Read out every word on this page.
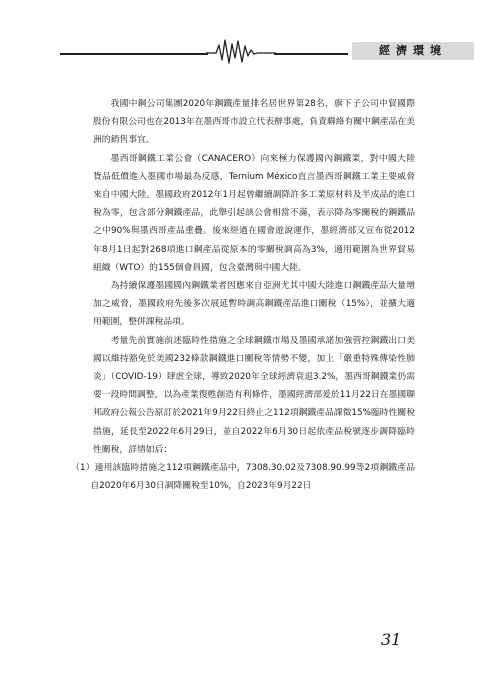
經濟環境

我國中鋼公司集團2020年鋼鐵產量排名居世界第28名，旗下子公司中貿國際股份有限公司也在2013年在墨西哥市設立代表辦事處，負責聯絡有關中鋼產品在美洲的銷售事宜。

墨西哥鋼鐵工業公會（CANACERO）向來極力保護國內鋼鐵業，對中國大陸貨品低價進入墨國市場最為反感，Ternium México直言墨西哥鋼鐵工業主要威脅來自中國大陸。墨國政府2012年1月起曾繼續調降許多工業原材料及半成品的進口稅為零，包含部分鋼鐵產品，此舉引起該公會相當不滿，表示降為零關稅的鋼鐵品之中90%與墨西哥產品重疊。後來經過在國會遊說運作，墨經濟部又宣布從2012年8月1日起對268項進口鋼產品從原本的零關稅調高為3%，適用範圍為世界貿易組織（WTO）的155個會員國，包含臺灣與中國大陸。

為持續保護墨國國內鋼鐵業者因應來自亞洲尤其中國大陸進口鋼鐵產品大量增加之威脅，墨國政府先後多次展延暫時調高鋼鐵產品進口關稅（15%），並擴大適用範圍，整併課稅品項。

考量先前實施前述臨時性措施之全球鋼鐵市場及墨國承諾加強管控鋼鐵出口美國以維持豁免於美國232條款鋼鐵進口關稅等情勢不變，加上「嚴重特殊傳染性肺炎」（COVID-19）肆虐全球，導致2020年全球經濟衰退3.2%，墨西哥鋼鐵業仍需要一段時間調整，以為產業復甦創造有利條件，墨國經濟部爰於11月22日在墨國聯邦政府公報公告原訂於2021年9月22日終止之112項鋼鐵產品課徵15%臨時性關稅措施，延長至2022年6月29日，並自2022年6月30日起依產品稅號逐步調降臨時性關稅，詳情如后：

（1）適用該臨時措施之112項鋼鐵產品中，7308.30.02及7308.90.99等2項鋼鐵產品自2020年6月30日調降關稅至10%，自2023年9月22日

31
